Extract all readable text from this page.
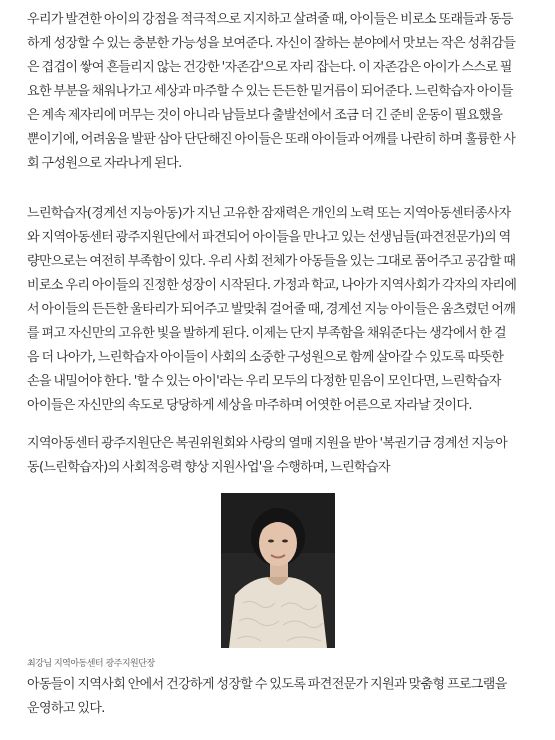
우리가 발견한 아이의 강점을 적극적으로 지지하고 살려줄 때, 아이들은 비로소 또래들과 동등
하게 성장할 수 있는 충분한 가능성을 보여준다. 자신이 잘하는 분야에서 맛보는 작은 성취감들
은 겹겹이 쌓여 흔들리지 않는 건강한 '자존감'으로 자리 잡는다. 이 자존감은 아이가 스스로 필
요한 부분을 채워나가고 세상과 마주할 수 있는 든든한 밑거름이 되어준다. 느린학습자 아이들
은 계속 제자리에 머무는 것이 아니라 남들보다 출발선에서 조금 더 긴 준비 운동이 필요했을
뿐이기에, 어려움을 발판 삼아 단단해진 아이들은 또래 아이들과 어깨를 나란히 하며 훌륭한 사
회 구성원으로 자라나게 된다.
느린학습자(경계선 지능아동)가 지닌 고유한 잠재력은 개인의 노력 또는 지역아동센터종사자
와 지역아동센터 광주지원단에서 파견되어 아이들을 만나고 있는 선생님들(파견전문가)의 역
량만으로는 여전히 부족함이 있다. 우리 사회 전체가 아동들을 있는 그대로 품어주고 공감할 때
비로소 우리 아이들의 진정한 성장이 시작된다. 가정과 학교, 나아가 지역사회가 각자의 자리에
서 아이들의 든든한 울타리가 되어주고 발맞춰 걸어줄 때, 경계선 지능 아이들은 움츠렸던 어깨
를 펴고 자신만의 고유한 빛을 발하게 된다. 이제는 단지 부족함을 채워준다는 생각에서 한 걸
음 더 나아가, 느린학습자 아이들이 사회의 소중한 구성원으로 함께 살아갈 수 있도록 따뜻한
손을 내밀어야 한다. '할 수 있는 아이'라는 우리 모두의 다정한 믿음이 모인다면, 느린학습자
아이들은 자신만의 속도로 당당하게 세상을 마주하며 어엿한 어른으로 자라날 것이다.
지역아동센터 광주지원단은 복권위원회와 사랑의 열매 지원을 받아 '복권기금 경계선 지능아
동(느린학습자)의 사회적응력 향상 지원사업'을 수행하며, 느린학습자
최강님 지역아동센터 광주지원단장
아동들이 지역사회 안에서 건강하게 성장할 수 있도록 파견전문가 지원과 맞춤형 프로그램을
운영하고 있다.
